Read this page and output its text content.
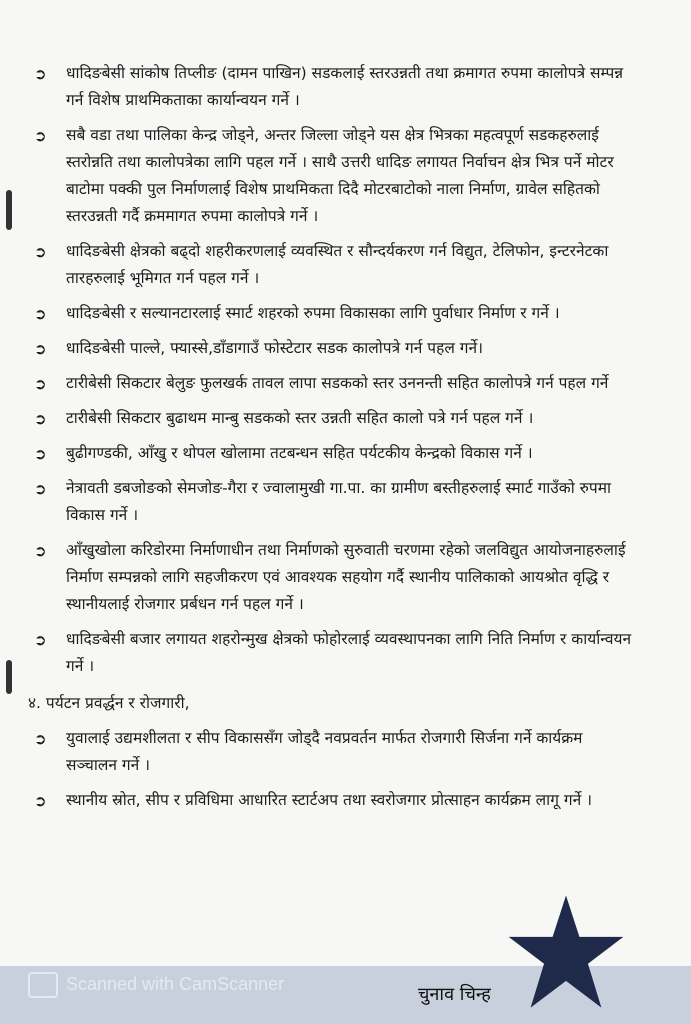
➲ धादिङबेसी सांकोष तिप्लीङ (दामन पाखिन) सडकलाई स्तरउन्नती तथा क्रमागत रुपमा कालोपत्रे सम्पन्न गर्न विशेष प्राथमिकताका कार्यान्वयन गर्ने ।
➲ सबै वडा तथा पालिका केन्द्र जोड्ने, अन्तर जिल्ला जोड्ने यस क्षेत्र भित्रका महत्वपूर्ण सडकहरुलाई स्तरोन्नति तथा कालोपत्रेका लागि पहल गर्ने । साथै उत्तरी धादिङ लगायत निर्वाचन क्षेत्र भित्र पर्ने मोटर बाटोमा पक्की पुल निर्माणलाई विशेष प्राथमिकता दिदै मोटरबाटोको नाला निर्माण, ग्रावेल सहितको स्तरउन्नती गर्दै क्रममागत रुपमा कालोपत्रे गर्ने ।
➲ धादिङबेसी क्षेत्रको बढ्दो शहरीकरणलाई व्यवस्थित र सौन्दर्यकरण गर्न विद्युत, टेलिफोन, इन्टरनेटका तारहरुलाई भूमिगत गर्न पहल गर्ने ।
➲ धादिङबेसी र सल्यानटारलाई स्मार्ट शहरको रुपमा विकासका लागि पुर्वाधार निर्माण र गर्ने ।
➲ धादिङबेसी पाल्ले, फ्यास्से,डाँडागाउँ फोस्टेटार सडक कालोपत्रे गर्न पहल गर्ने।
➲ टारीबेसी सिकटार बेलुङ फुलखर्क तावल लापा सडकको स्तर उननन्ती सहित कालोपत्रे गर्न पहल गर्ने
➲ टारीबेसी सिकटार बुढाथम मान्बु सडकको स्तर उन्नती सहित कालो पत्रे गर्न पहल गर्ने ।
➲ बुढीगण्डकी, आँखु र थोपल खोलामा तटबन्धन सहित पर्यटकीय केन्द्रको विकास गर्ने ।
➲ नेत्रावती डबजोङको सेमजोङ-गैरा र ज्वालामुखी गा.पा. का ग्रामीण बस्तीहरुलाई स्मार्ट गाउँको रुपमा विकास गर्ने ।
➲ आँखुखोला करिडोरमा निर्माणाधीन तथा निर्माणको सुरुवाती चरणमा रहेको जलविद्युत आयोजनाहरुलाई निर्माण सम्पन्नको लागि सहजीकरण एवं आवश्यक सहयोग गर्दै स्थानीय पालिकाको आयश्रोत वृद्धि र स्थानीयलाई रोजगार प्रर्बधन गर्न पहल गर्ने ।
➲ धादिङबेसी बजार लगायत शहरोन्मुख क्षेत्रको फोहोरलाई व्यवस्थापनका लागि निति निर्माण र कार्यान्वयन गर्ने ।
४. पर्यटन प्रवर्द्धन र रोजगारी,
➲ युवालाई उद्यमशीलता र सीप विकाससँग जोड्दै नवप्रवर्तन मार्फत रोजगारी सिर्जना गर्ने कार्यक्रम सञ्चालन गर्ने ।
➲ स्थानीय स्रोत, सीप र प्रविधिमा आधारित स्टार्टअप तथा स्वरोजगार प्रोत्साहन कार्यक्रम लागू गर्ने ।
Scanned with CamScanner
चुनाव चिन्ह
